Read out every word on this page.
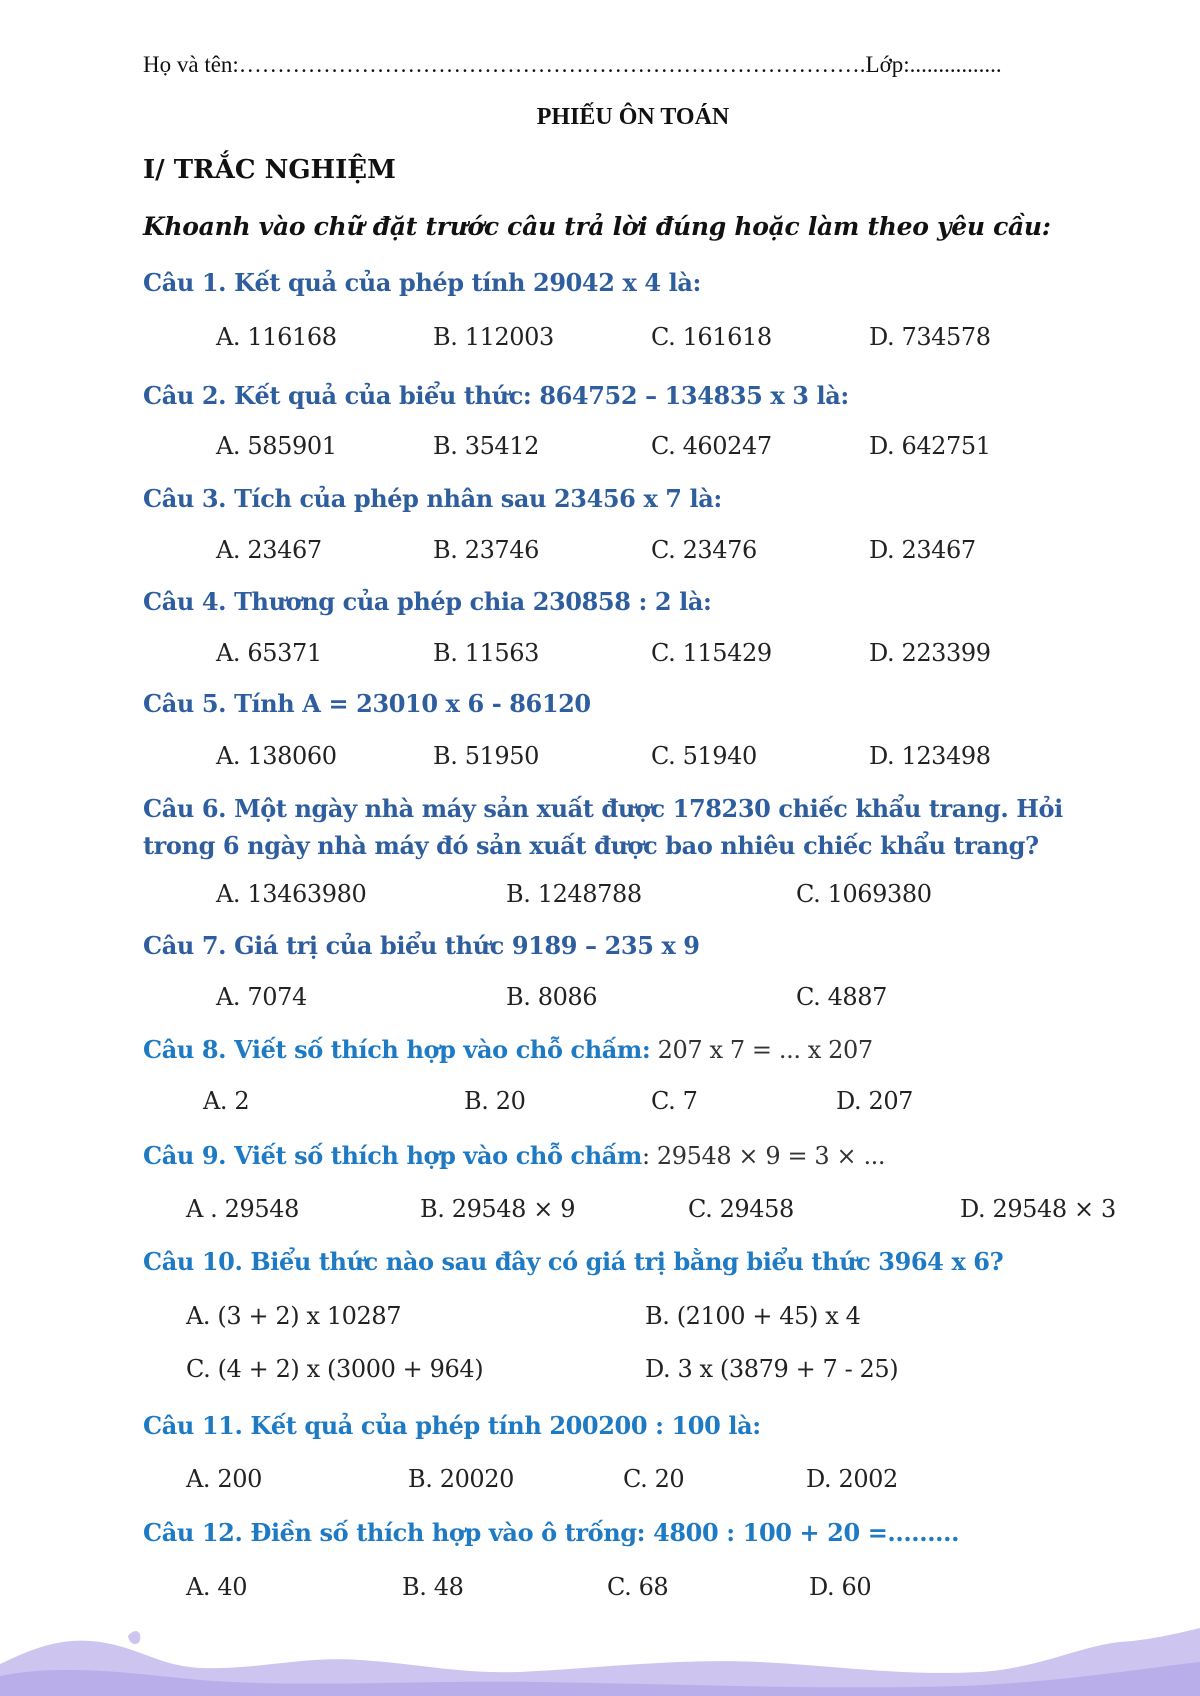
Họ và tên:……………………………………………………………………….Lớp:................
PHIẾU ÔN TOÁN
I/ TRẮC NGHIỆM
Khoanh vào chữ đặt trước câu trả lời đúng hoặc làm theo yêu cầu:
Câu 1. Kết quả của phép tính 29042 x 4 là:
A. 116168	B. 112003	C. 161618	D. 734578
Câu 2. Kết quả của biểu thức: 864752 – 134835 x 3 là:
A. 585901	B. 35412	C. 460247	D. 642751
Câu 3. Tích của phép nhân sau 23456 x 7 là:
A. 23467	B. 23746	C. 23476	D. 23467
Câu 4. Thương của phép chia 230858 : 2 là:
A. 65371	B. 11563	C. 115429	D. 223399
Câu 5. Tính A = 23010 x 6 - 86120
A. 138060	B. 51950	C. 51940	D. 123498
Câu 6. Một ngày nhà máy sản xuất được 178230 chiếc khẩu trang. Hỏi trong 6 ngày nhà máy đó sản xuất được bao nhiêu chiếc khẩu trang?
A. 13463980	B. 1248788	C. 1069380
Câu 7. Giá trị của biểu thức 9189 – 235 x 9
A. 7074	B. 8086	C. 4887
Câu 8. Viết số thích hợp vào chỗ chấm: 207 x 7 = ... x 207
A. 2	B. 20	C. 7	D. 207
Câu 9. Viết số thích hợp vào chỗ chấm: 29548 × 9 = 3 × ...
A . 29548	B. 29548 × 9	C. 29458	D. 29548 × 3
Câu 10. Biểu thức nào sau đây có giá trị bằng biểu thức 3964 x 6?
A. (3 + 2) x 10287	B. (2100 + 45) x 4
C. (4 + 2) x (3000 + 964)	D. 3 x (3879 + 7 - 25)
Câu 11. Kết quả của phép tính 200200 : 100 là:
A. 200	B. 20020	C. 20	D. 2002
Câu 12. Điền số thích hợp vào ô trống: 4800 : 100 + 20 =.........
A. 40	B. 48	C. 68	D. 60
